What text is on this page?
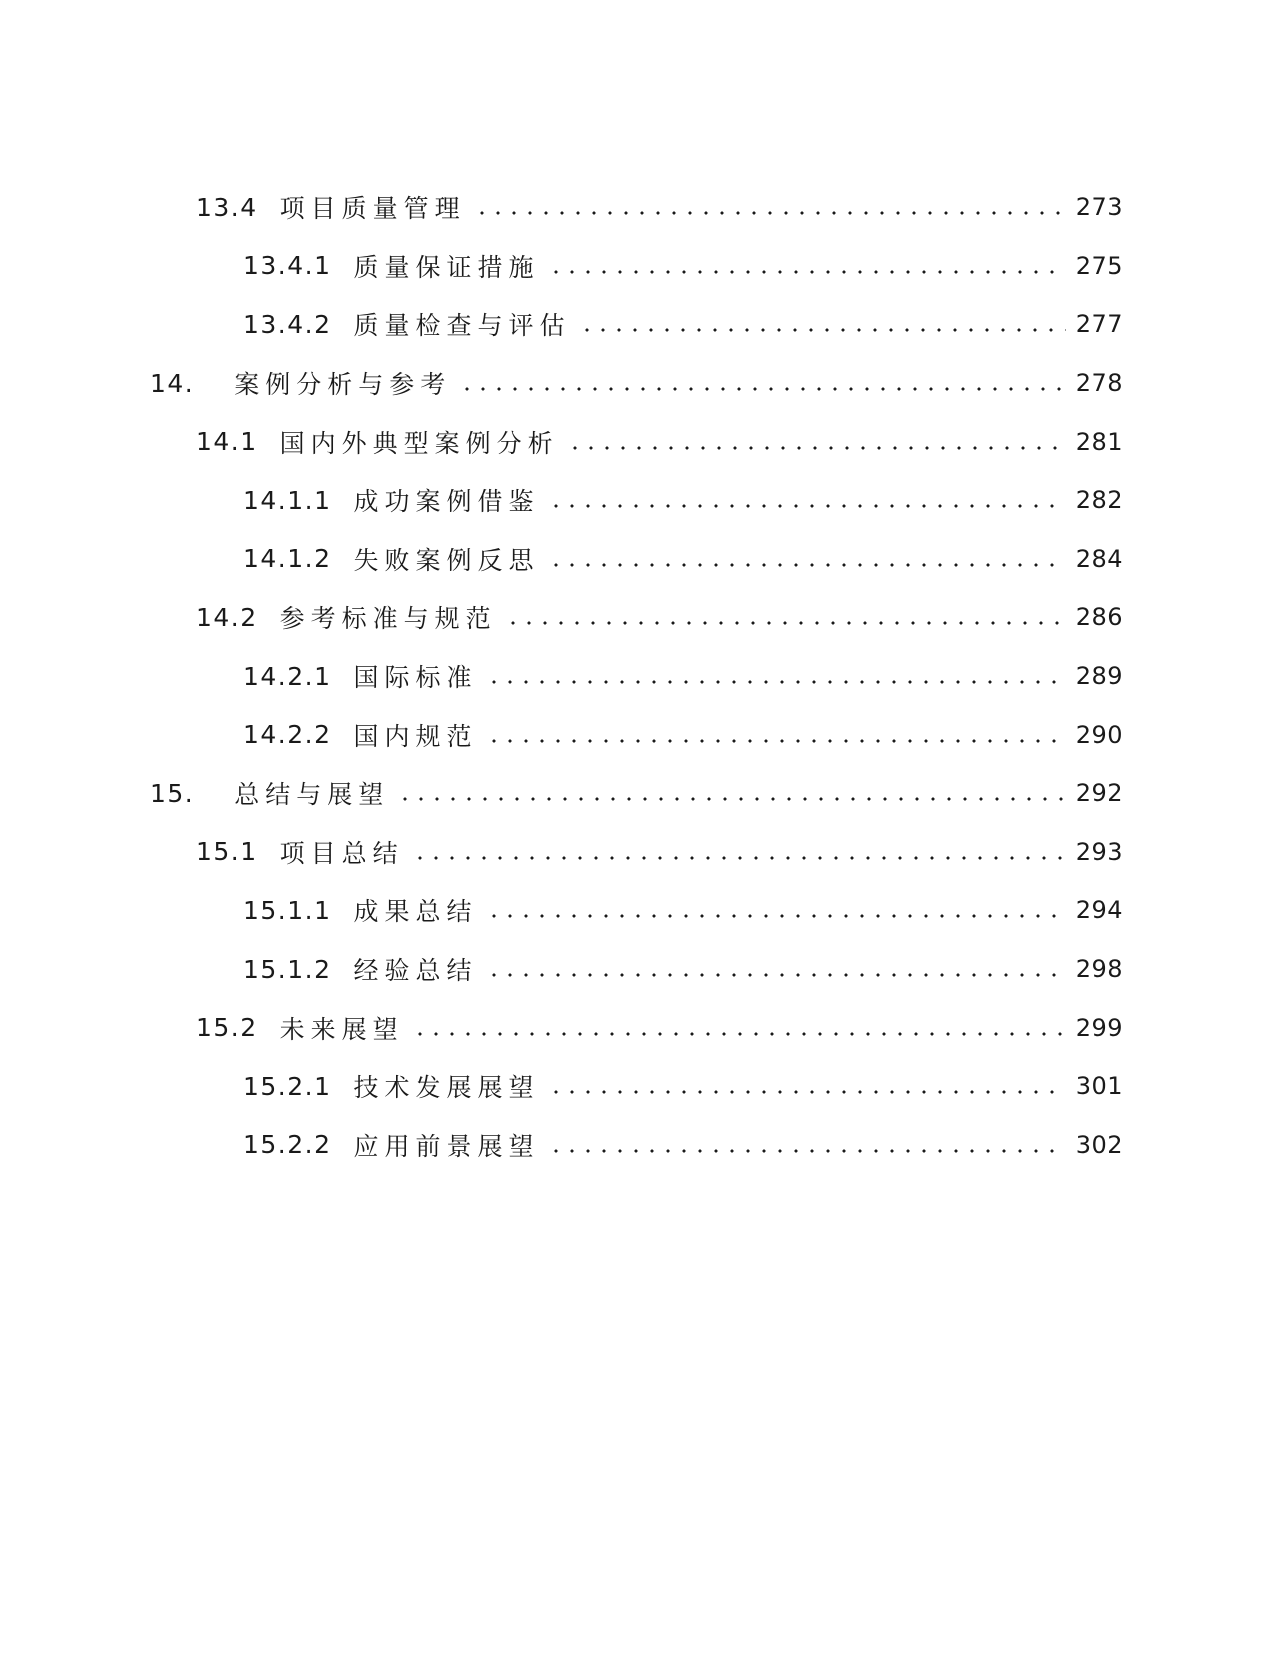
13.4 项目质量管理	273
13.4.1 质量保证措施	275
13.4.2 质量检查与评估	277
14. 案例分析与参考	278
14.1 国内外典型案例分析	281
14.1.1 成功案例借鉴	282
14.1.2 失败案例反思	284
14.2 参考标准与规范	286
14.2.1 国际标准	289
14.2.2 国内规范	290
15. 总结与展望	292
15.1 项目总结	293
15.1.1 成果总结	294
15.1.2 经验总结	298
15.2 未来展望	299
15.2.1 技术发展展望	301
15.2.2 应用前景展望	302
